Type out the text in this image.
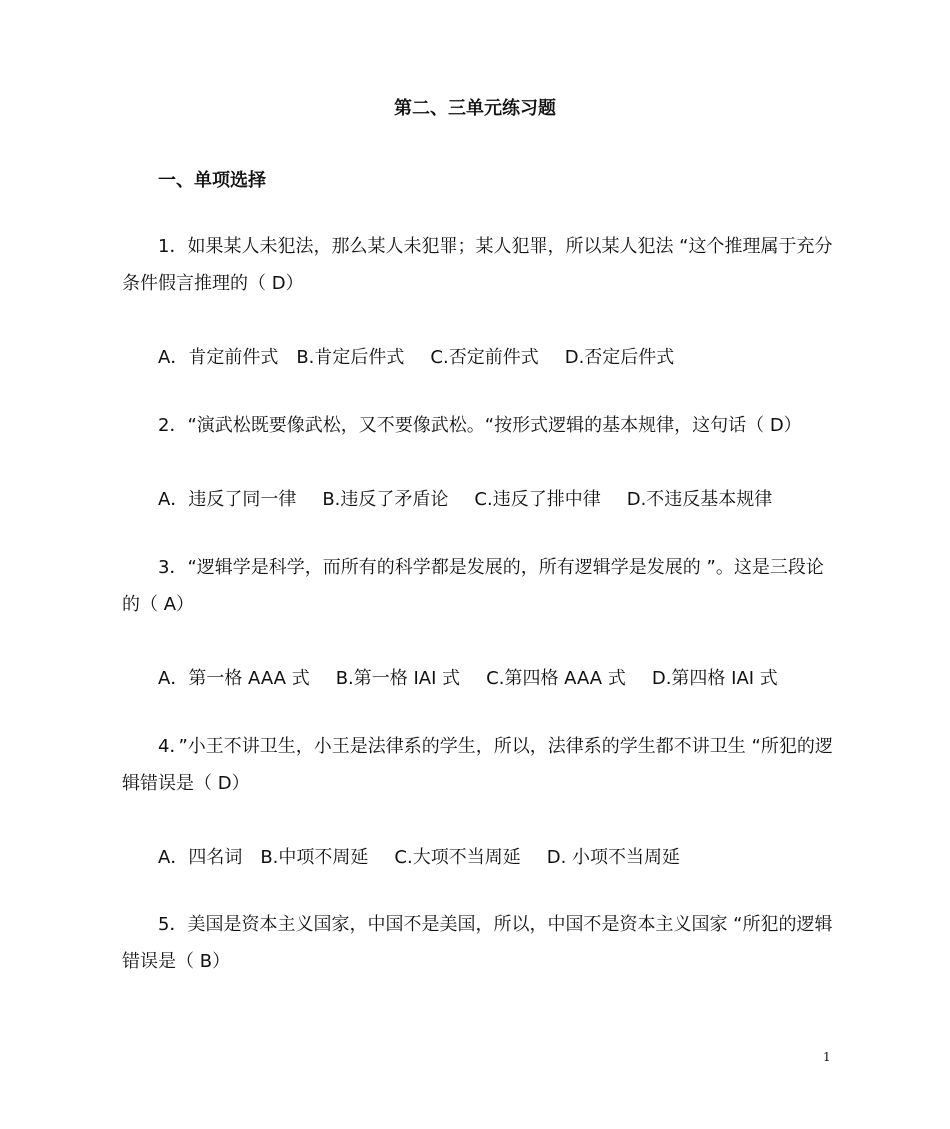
第二、三单元练习题
一、单项选择
1．如果某人未犯法，那么某人未犯罪；某人犯罪，所以某人犯法 “这个推理属于充分条件假言推理的（ D）
A．肯定前件式 B.肯定后件式 C.否定前件式 D.否定后件式
2．“演武松既要像武松，又不要像武松。“按形式逻辑的基本规律，这句话（ D）
A．违反了同一律 B.违反了矛盾论 C.违反了排中律 D.不违反基本规律
3．“逻辑学是科学，而所有的科学都是发展的，所有逻辑学是发展的 ”。这是三段论的（ A）
A．第一格 AAA 式 B.第一格 IAI 式 C.第四格 AAA 式 D.第四格 IAI 式
4．”小王不讲卫生，小王是法律系的学生，所以，法律系的学生都不讲卫生 “所犯的逻辑错误是（ D）
A．四名词 B.中项不周延 C.大项不当周延 D. 小项不当周延
5．美国是资本主义国家，中国不是美国，所以，中国不是资本主义国家 “所犯的逻辑错误是（ B）
1
